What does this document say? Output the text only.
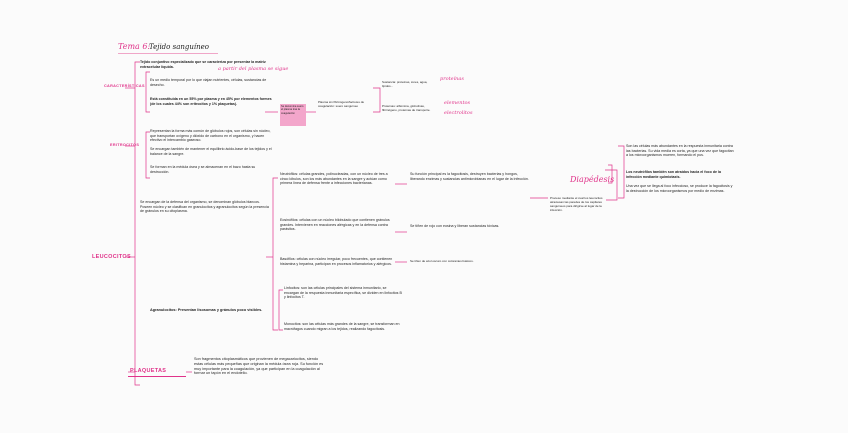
Tema 6:
Tejido sanguíneo
Tejido conjuntivo especializado que se caracteriza por presentar la matriz extracelular líquida.	a partir del plasma se sigue
CARACTERÍSTICAS
Es un medio temporal por lo que viajan nutrientes, células, sustancias de desecho.
Está constituida en un 55% por plasma y en 45% por elementos formes (de los cuales 44% son eritrocitos y 1% plaquetas).
Se denomina suero el plasma tras la coagulación
Plasma sin fibrinógeno/factores de coagulación: suero sanguíneo
Sustancia: proteínas, iones, agua, lípidos...
Proteínas: albúmina, globulinas, fibrinógeno, proteínas de transporte.
proteínas
elementos
electrolitos
ERITROCITOS
Representan la forma más común de glóbulos rojos, son células sin núcleo, que transportan oxígeno y dióxido de carbono en el organismo, y hacen efectivo el intercambio gaseoso.
Se encargan también de mantener el equilibrio ácido-base de los tejidos y el balance de la sangre.
Se forman en la médula ósea y se almacenan en el bazo hasta su destrucción.
LEUCOCITOS
Se encargan de la defensa del organismo, se denominan glóbulos blancos. Poseen núcleo y se clasifican en granulocitos y agranulocitos según la presencia de gránulos en su citoplasma.
Neutrófilos: células grandes, polinucleadas, con un núcleo de tres a cinco lóbulos, son los más abundantes en la sangre y actúan como primera línea de defensa frente a infecciones bacterianas.
Su función principal es la fagocitosis, destruyen bacterias y hongos, liberando enzimas y sustancias antimicrobianas en el lugar de la infección.
Eosinófilos: células con un núcleo bilobulado que contienen gránulos grandes. Intervienen en reacciones alérgicas y en la defensa contra parásitos.
Se tiñen de rojo con eosina y liberan sustancias tóxicas.
Basófilos: células con núcleo irregular, poco frecuentes, que contienen histamina y heparina, participan en procesos inflamatorios y alérgicos.
Se tiñen de azul oscuro con colorantes básicos.
Agranulocitos: Presentan lisosomas y gránulos poco visibles.
Linfocitos: son las células principales del sistema inmunitario, se encargan de la respuesta inmunitaria específica, se dividen en linfocitos B y linfocitos T.
Monocitos: son las células más grandes de la sangre, se transforman en macrófagos cuando migran a los tejidos, realizando fagocitosis.
Diapédesis
Proceso mediante el cual los leucocitos atraviesan las paredes de los capilares sanguíneos para dirigirse al lugar de la infección.
Son las células más abundantes en la respuesta inmunitaria contra las bacterias. Su vida media es corta, ya que una vez que fagocitan a los microorganismos mueren, formando el pus.
Los neutrófilos también son atraídos hacia el foco de la infección mediante quimiotaxis.
Una vez que se llega al foco infeccioso, se produce la fagocitosis y la destrucción de los microorganismos por medio de enzimas.
PLAQUETAS
Son fragmentos citoplasmáticos que provienen de megacariocitos, siendo estas células más pequeñas que originan la médula ósea roja. Su función es muy importante para la coagulación, ya que participan en la coagulación al formar un tapón en el endotelio.
